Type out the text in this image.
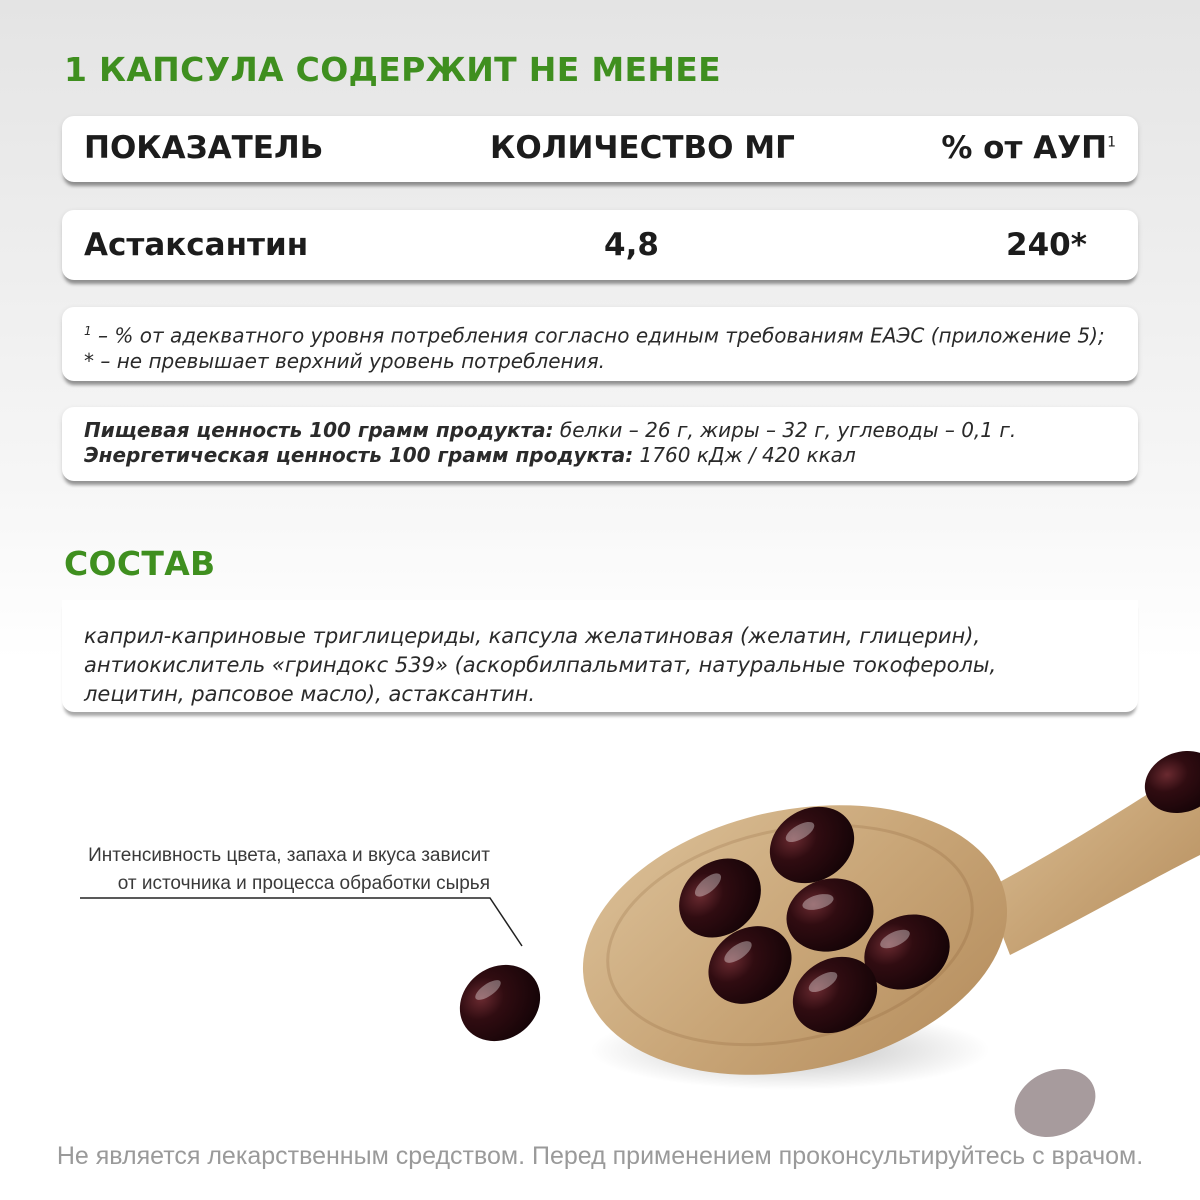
1 КАПСУЛА СОДЕРЖИТ НЕ МЕНЕЕ
ПОКАЗАТЕЛЬ	КОЛИЧЕСТВО МГ	% от АУП$^1$
Астаксантин	4,8	240*
$^1$ – % от адекватного уровня потребления согласно единым требованиям ЕАЭС (приложение 5);
* – не превышает верхний уровень потребления.
Пищевая ценность 100 грамм продукта: белки – 26 г, жиры – 32 г, углеводы – 0,1 г.
Энергетическая ценность 100 грамм продукта: 1760 кДж / 420 ккал
СОСТАВ
каприл-каприновые триглицериды, капсула желатиновая (желатин, глицерин),
антиокислитель «гриндокс 539» (аскорбилпальмитат, натуральные токоферолы,
лецитин, рапсовое масло), астаксантин.
Интенсивность цвета, запаха и вкуса зависит
от источника и процесса обработки сырья
Не является лекарственным средством. Перед применением проконсультируйтесь с врачом.
